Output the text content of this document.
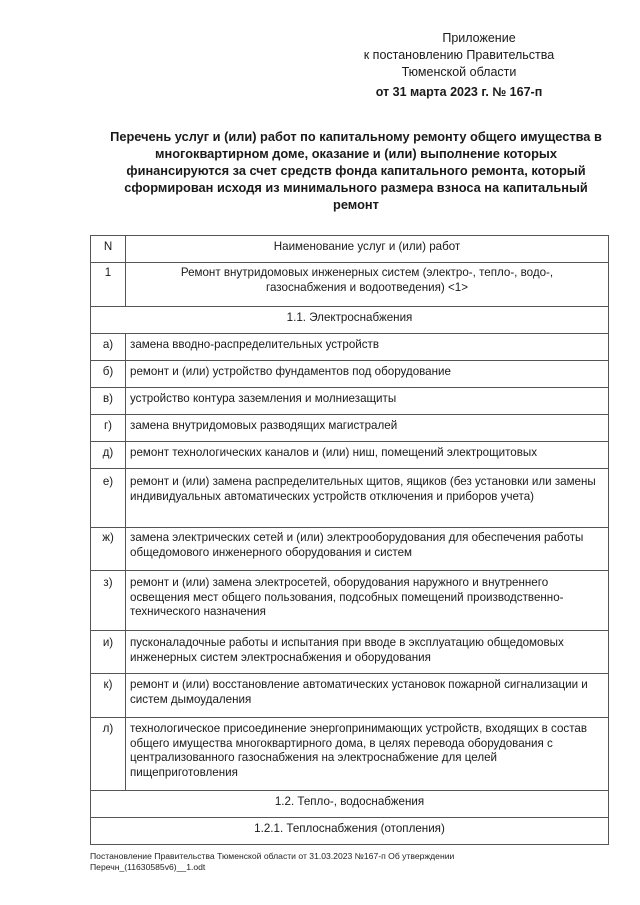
Приложение
к постановлению Правительства
Тюменской области
от 31 марта 2023 г. № 167-п
Перечень услуг и (или) работ по капитальному ремонту общего имущества в многоквартирном доме, оказание и (или) выполнение которых финансируются за счет средств фонда капитального ремонта, который сформирован исходя из минимального размера взноса на капитальный ремонт
N	Наименование услуг и (или) работ
1	Ремонт внутридомовых инженерных систем (электро-, тепло-, водо-, газоснабжения и водоотведения) <1>
1.1. Электроснабжения	
а)	замена вводно-распределительных устройств
б)	ремонт и (или) устройство фундаментов под оборудование
в)	устройство контура заземления и молниезащиты
г)	замена внутридомовых разводящих магистралей
д)	ремонт технологических каналов и (или) ниш, помещений электрощитовых
е)	ремонт и (или) замена распределительных щитов, ящиков (без установки или замены индивидуальных автоматических устройств отключения и приборов учета)
ж)	замена электрических сетей и (или) электрооборудования для обеспечения работы общедомового инженерного оборудования и систем
з)	ремонт и (или) замена электросетей, оборудования наружного и внутреннего освещения мест общего пользования, подсобных помещений производственно-технического назначения
и)	пусконаладочные работы и испытания при вводе в эксплуатацию общедомовых инженерных систем электроснабжения и оборудования
к)	ремонт и (или) восстановление автоматических установок пожарной сигнализации и систем дымоудаления
л)	технологическое присоединение энергопринимающих устройств, входящих в состав общего имущества многоквартирного дома, в целях перевода оборудования с централизованного газоснабжения на электроснабжение для целей пищеприготовления
1.2. Тепло-, водоснабжения	
1.2.1. Теплоснабжения (отопления)	
Постановление Правительства Тюменской области от 31.03.2023 №167-п Об утверждении
Перечн_(11630585v6)__1.odt
